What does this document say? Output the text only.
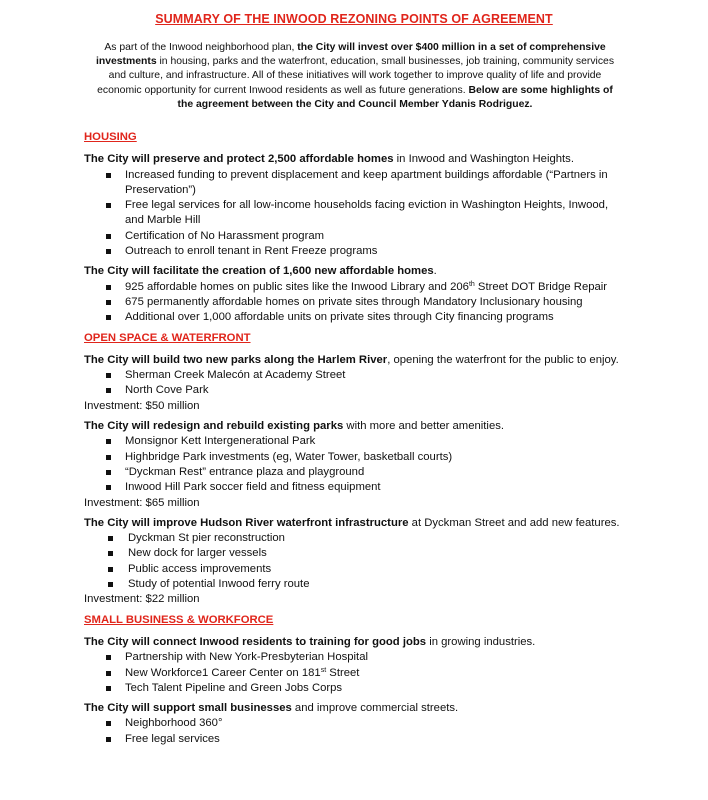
SUMMARY OF THE INWOOD REZONING POINTS OF AGREEMENT
As part of the Inwood neighborhood plan, the City will invest over $400 million in a set of comprehensive investments in housing, parks and the waterfront, education, small businesses, job training, community services and culture, and infrastructure. All of these initiatives will work together to improve quality of life and provide economic opportunity for current Inwood residents as well as future generations. Below are some highlights of the agreement between the City and Council Member Ydanis Rodriguez.
HOUSING
The City will preserve and protect 2,500 affordable homes in Inwood and Washington Heights.
Increased funding to prevent displacement and keep apartment buildings affordable (“Partners in Preservation”)
Free legal services for all low-income households facing eviction in Washington Heights, Inwood, and Marble Hill
Certification of No Harassment program
Outreach to enroll tenant in Rent Freeze programs
The City will facilitate the creation of 1,600 new affordable homes.
925 affordable homes on public sites like the Inwood Library and 206th Street DOT Bridge Repair
675 permanently affordable homes on private sites through Mandatory Inclusionary housing
Additional over 1,000 affordable units on private sites through City financing programs
OPEN SPACE & WATERFRONT
The City will build two new parks along the Harlem River, opening the waterfront for the public to enjoy.
Sherman Creek Malecón at Academy Street
North Cove Park
Investment: $50 million
The City will redesign and rebuild existing parks with more and better amenities.
Monsignor Kett Intergenerational Park
Highbridge Park investments (eg, Water Tower, basketball courts)
“Dyckman Rest” entrance plaza and playground
Inwood Hill Park soccer field and fitness equipment
Investment: $65 million
The City will improve Hudson River waterfront infrastructure at Dyckman Street and add new features.
Dyckman St pier reconstruction
New dock for larger vessels
Public access improvements
Study of potential Inwood ferry route
Investment: $22 million
SMALL BUSINESS & WORKFORCE
The City will connect Inwood residents to training for good jobs in growing industries.
Partnership with New York-Presbyterian Hospital
New Workforce1 Career Center on 181st Street
Tech Talent Pipeline and Green Jobs Corps
The City will support small businesses and improve commercial streets.
Neighborhood 360°
Free legal services
